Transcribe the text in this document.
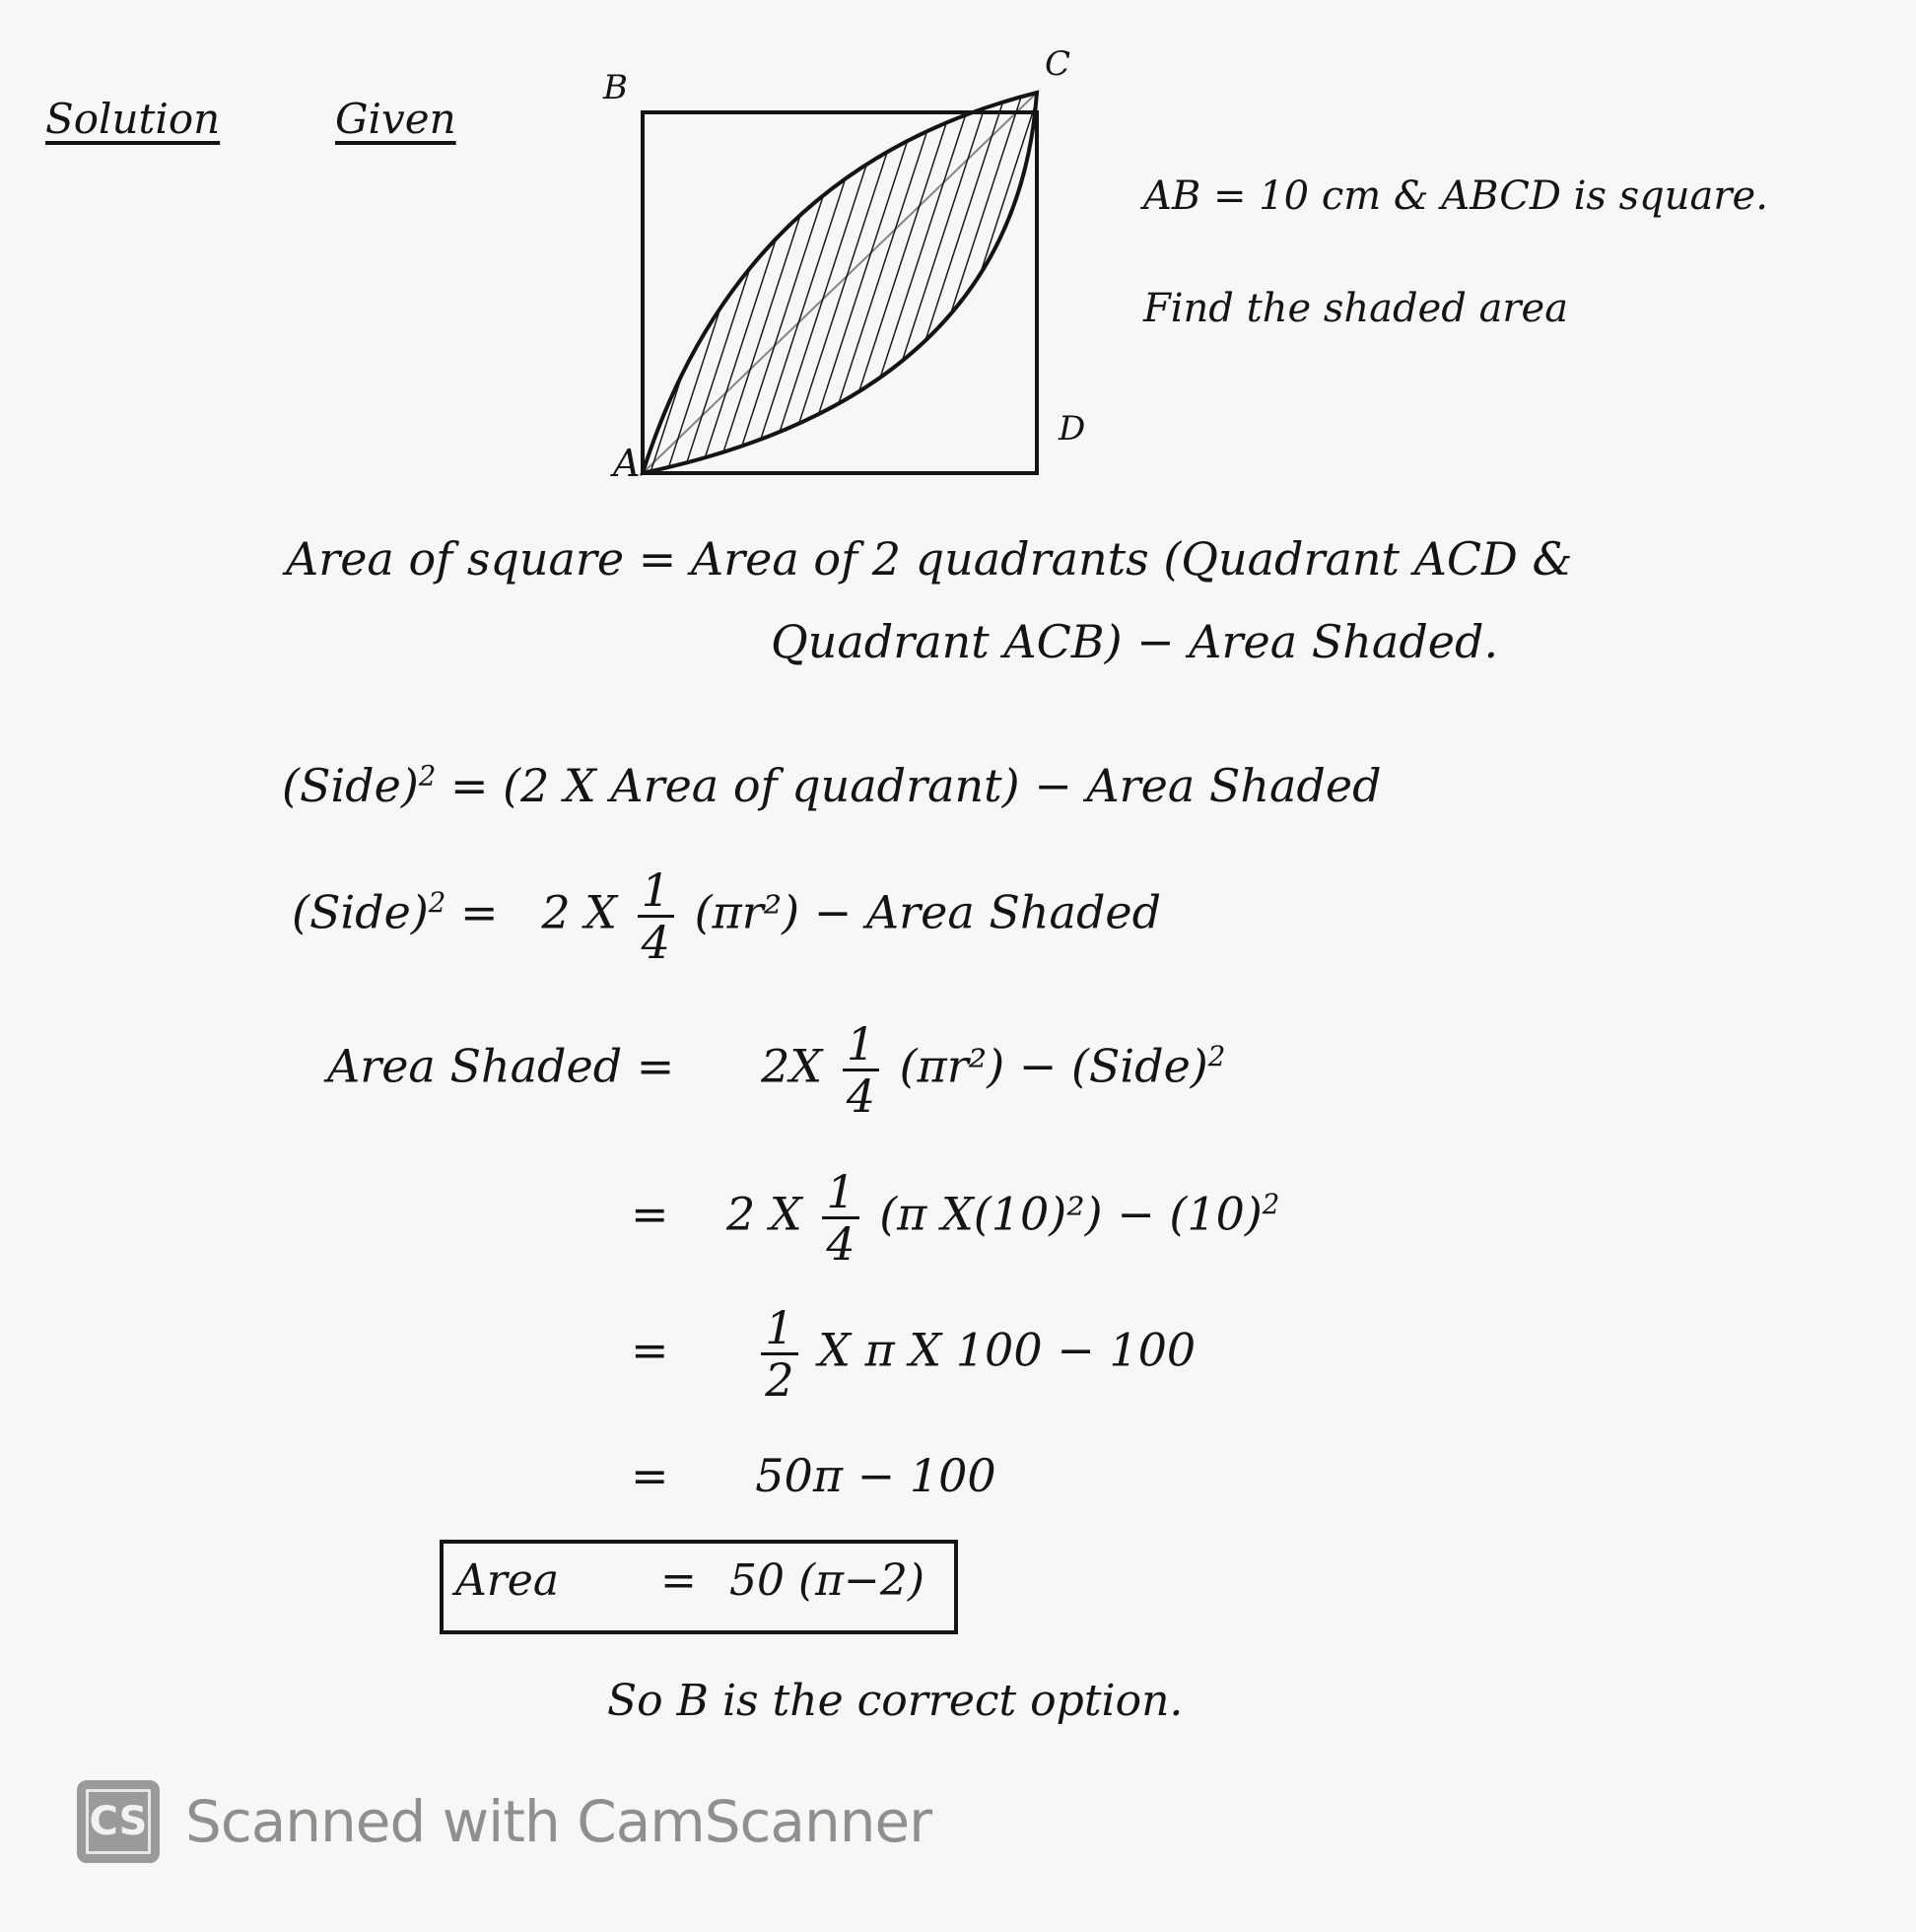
Solution	Given
B
C
D
A
AB = 10 cm & ABCD is square.
Find the shaded area
Area of square = Area of 2 quadrants (Quadrant ACD &
Quadrant ACB) − Area Shaded.
(Side)$^2$ = (2 X Area of quadrant) − Area Shaded
(Side)$^2$ = 2 X $\frac{1}{4} (\pi r^2)$ − Area Shaded
Area Shaded = $2X \frac{1}{4} (\pi r^2)$ − (Side)$^2$
= 2 X $\frac{1}{4} (\pi$ $X(10)^2) - (10)^2$
= $\frac{1}{2}$ X π X 100 − 100
= 50π − 100
Area = 50 (π−2)
So B is the correct option.
CS Scanned with CamScanner
